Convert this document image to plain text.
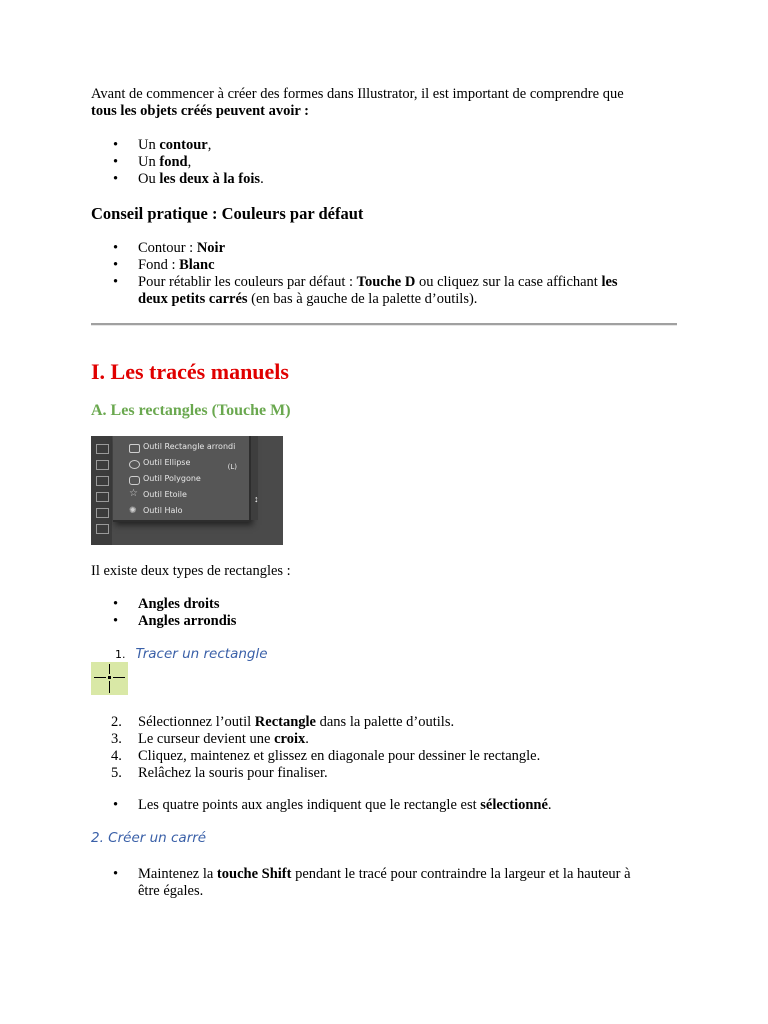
Avant de commencer à créer des formes dans Illustrator, il est important de comprendre que
tous les objets créés peuvent avoir :

• Un contour,
• Un fond,
• Ou les deux à la fois.
Conseil pratique : Couleurs par défaut
• Contour : Noir
• Fond : Blanc
• Pour rétablir les couleurs par défaut : Touche D ou cliquez sur la case affichant les
deux petits carrés (en bas à gauche de la palette d’outils).
I. Les tracés manuels
A. Les rectangles (Touche M)
Outil Rectangle arrondi
Outil Ellipse	(L)
Outil Polygone
☆ Outil Etoile
✺ Outil Halo
↕

Il existe deux types de rectangles :

• Angles droits
• Angles arrondis
1. Tracer un rectangle
2. Sélectionnez l’outil Rectangle dans la palette d’outils.
3. Le curseur devient une croix.
4. Cliquez, maintenez et glissez en diagonale pour dessiner le rectangle.
5. Relâchez la souris pour finaliser.
• Les quatre points aux angles indiquent que le rectangle est sélectionné.
2. Créer un carré
• Maintenez la touche Shift pendant le tracé pour contraindre la largeur et la hauteur à
être égales.
